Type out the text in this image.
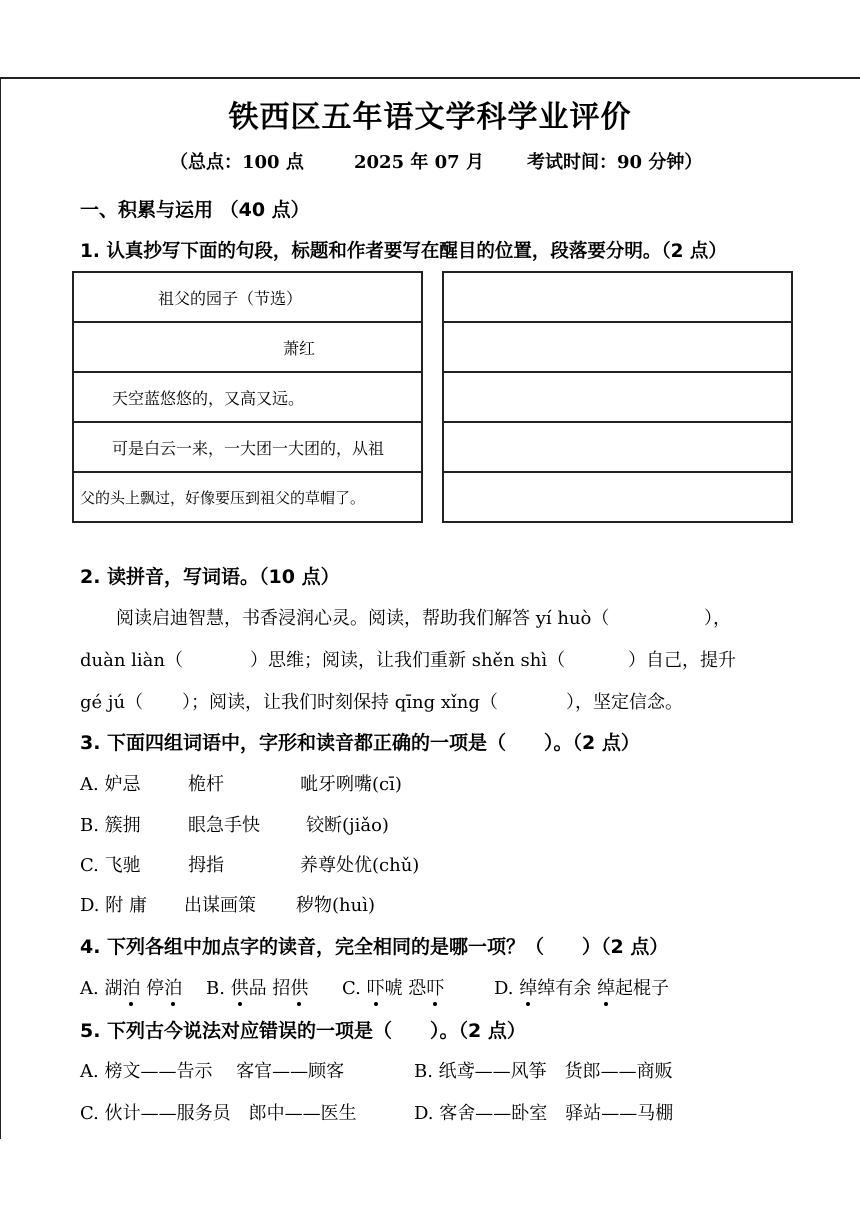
铁西区五年语文学科学业评价
（总点：100 点	2025 年 07 月 考试时间：90 分钟）
一、积累与运用 （40 点）
1. 认真抄写下面的句段，标题和作者要写在醒目的位置，段落要分明。（2 点）
祖父的园子（节选）
萧红
天空蓝悠悠的，又高又远。
可是白云一来，一大团一大团的，从祖
父的头上飘过，好像要压到祖父的草帽了。

2. 读拼音，写词语。（10 点）
阅读启迪智慧，书香浸润心灵。阅读，帮助我们解答 yí huò（	），
duàn liàn（	）思维；阅读，让我们重新 shěn shì（	）自己，提升
gé jú（ ）；阅读，让我们时刻保持 qīng xǐng（	），坚定信念。
3. 下面四组词语中，字形和读音都正确的一项是（　　）。（2 点）
A. 妒忌	桅杆	呲牙咧嘴(cī)
B. 簇拥	眼急手快	铰断(jiǎo)
C. 飞驰	拇指	养尊处优(chǔ)
D. 附 庸 出谋画策 秽物(huì)
4. 下列各组中加点字的读音，完全相同的是哪一项？（　　）（2 点）
A. 湖泊 停泊 B. 供品 招供 C. 吓唬 恐吓	D. 绰绰有余 绰起棍子
5. 下列古今说法对应错误的一项是（　　）。（2 点）
A. 榜文——告示　 客官——顾客	B. 纸鸢——风筝　货郎——商贩
C. 伙计——服务员　郎中——医生	D. 客舍——卧室　驿站——马棚
